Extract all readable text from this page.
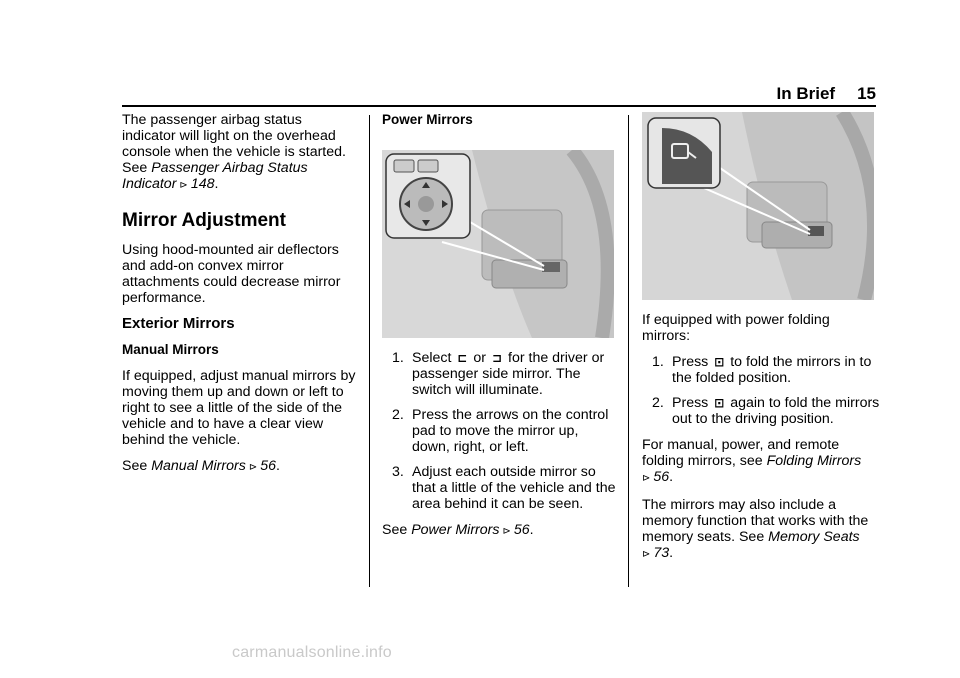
In Brief 15

The passenger airbag status indicator will light on the overhead console when the vehicle is started. See Passenger Airbag Status Indicator ⊳ 148.

Mirror Adjustment

Using hood-mounted air deflectors and add-on convex mirror attachments could decrease mirror performance.

Exterior Mirrors
Manual Mirrors

If equipped, adjust manual mirrors by moving them up and down or left to right to see a little of the side of the vehicle and to have a clear view behind the vehicle.

See Manual Mirrors ⊳ 56.

Power Mirrors
1. Select ⊏ or ⊐ for the driver or passenger side mirror. The switch will illuminate.
2. Press the arrows on the control pad to move the mirror up, down, right, or left.
3. Adjust each outside mirror so that a little of the vehicle and the area behind it can be seen.

See Power Mirrors ⊳ 56.

If equipped with power folding mirrors:

1. Press ⊡ to fold the mirrors in to the folded position.
2. Press ⊡ again to fold the mirrors out to the driving position.

For manual, power, and remote folding mirrors, see Folding Mirrors
⊳ 56.

The mirrors may also include a memory function that works with the memory seats. See Memory Seats
⊳ 73.

carmanualsonline.info
